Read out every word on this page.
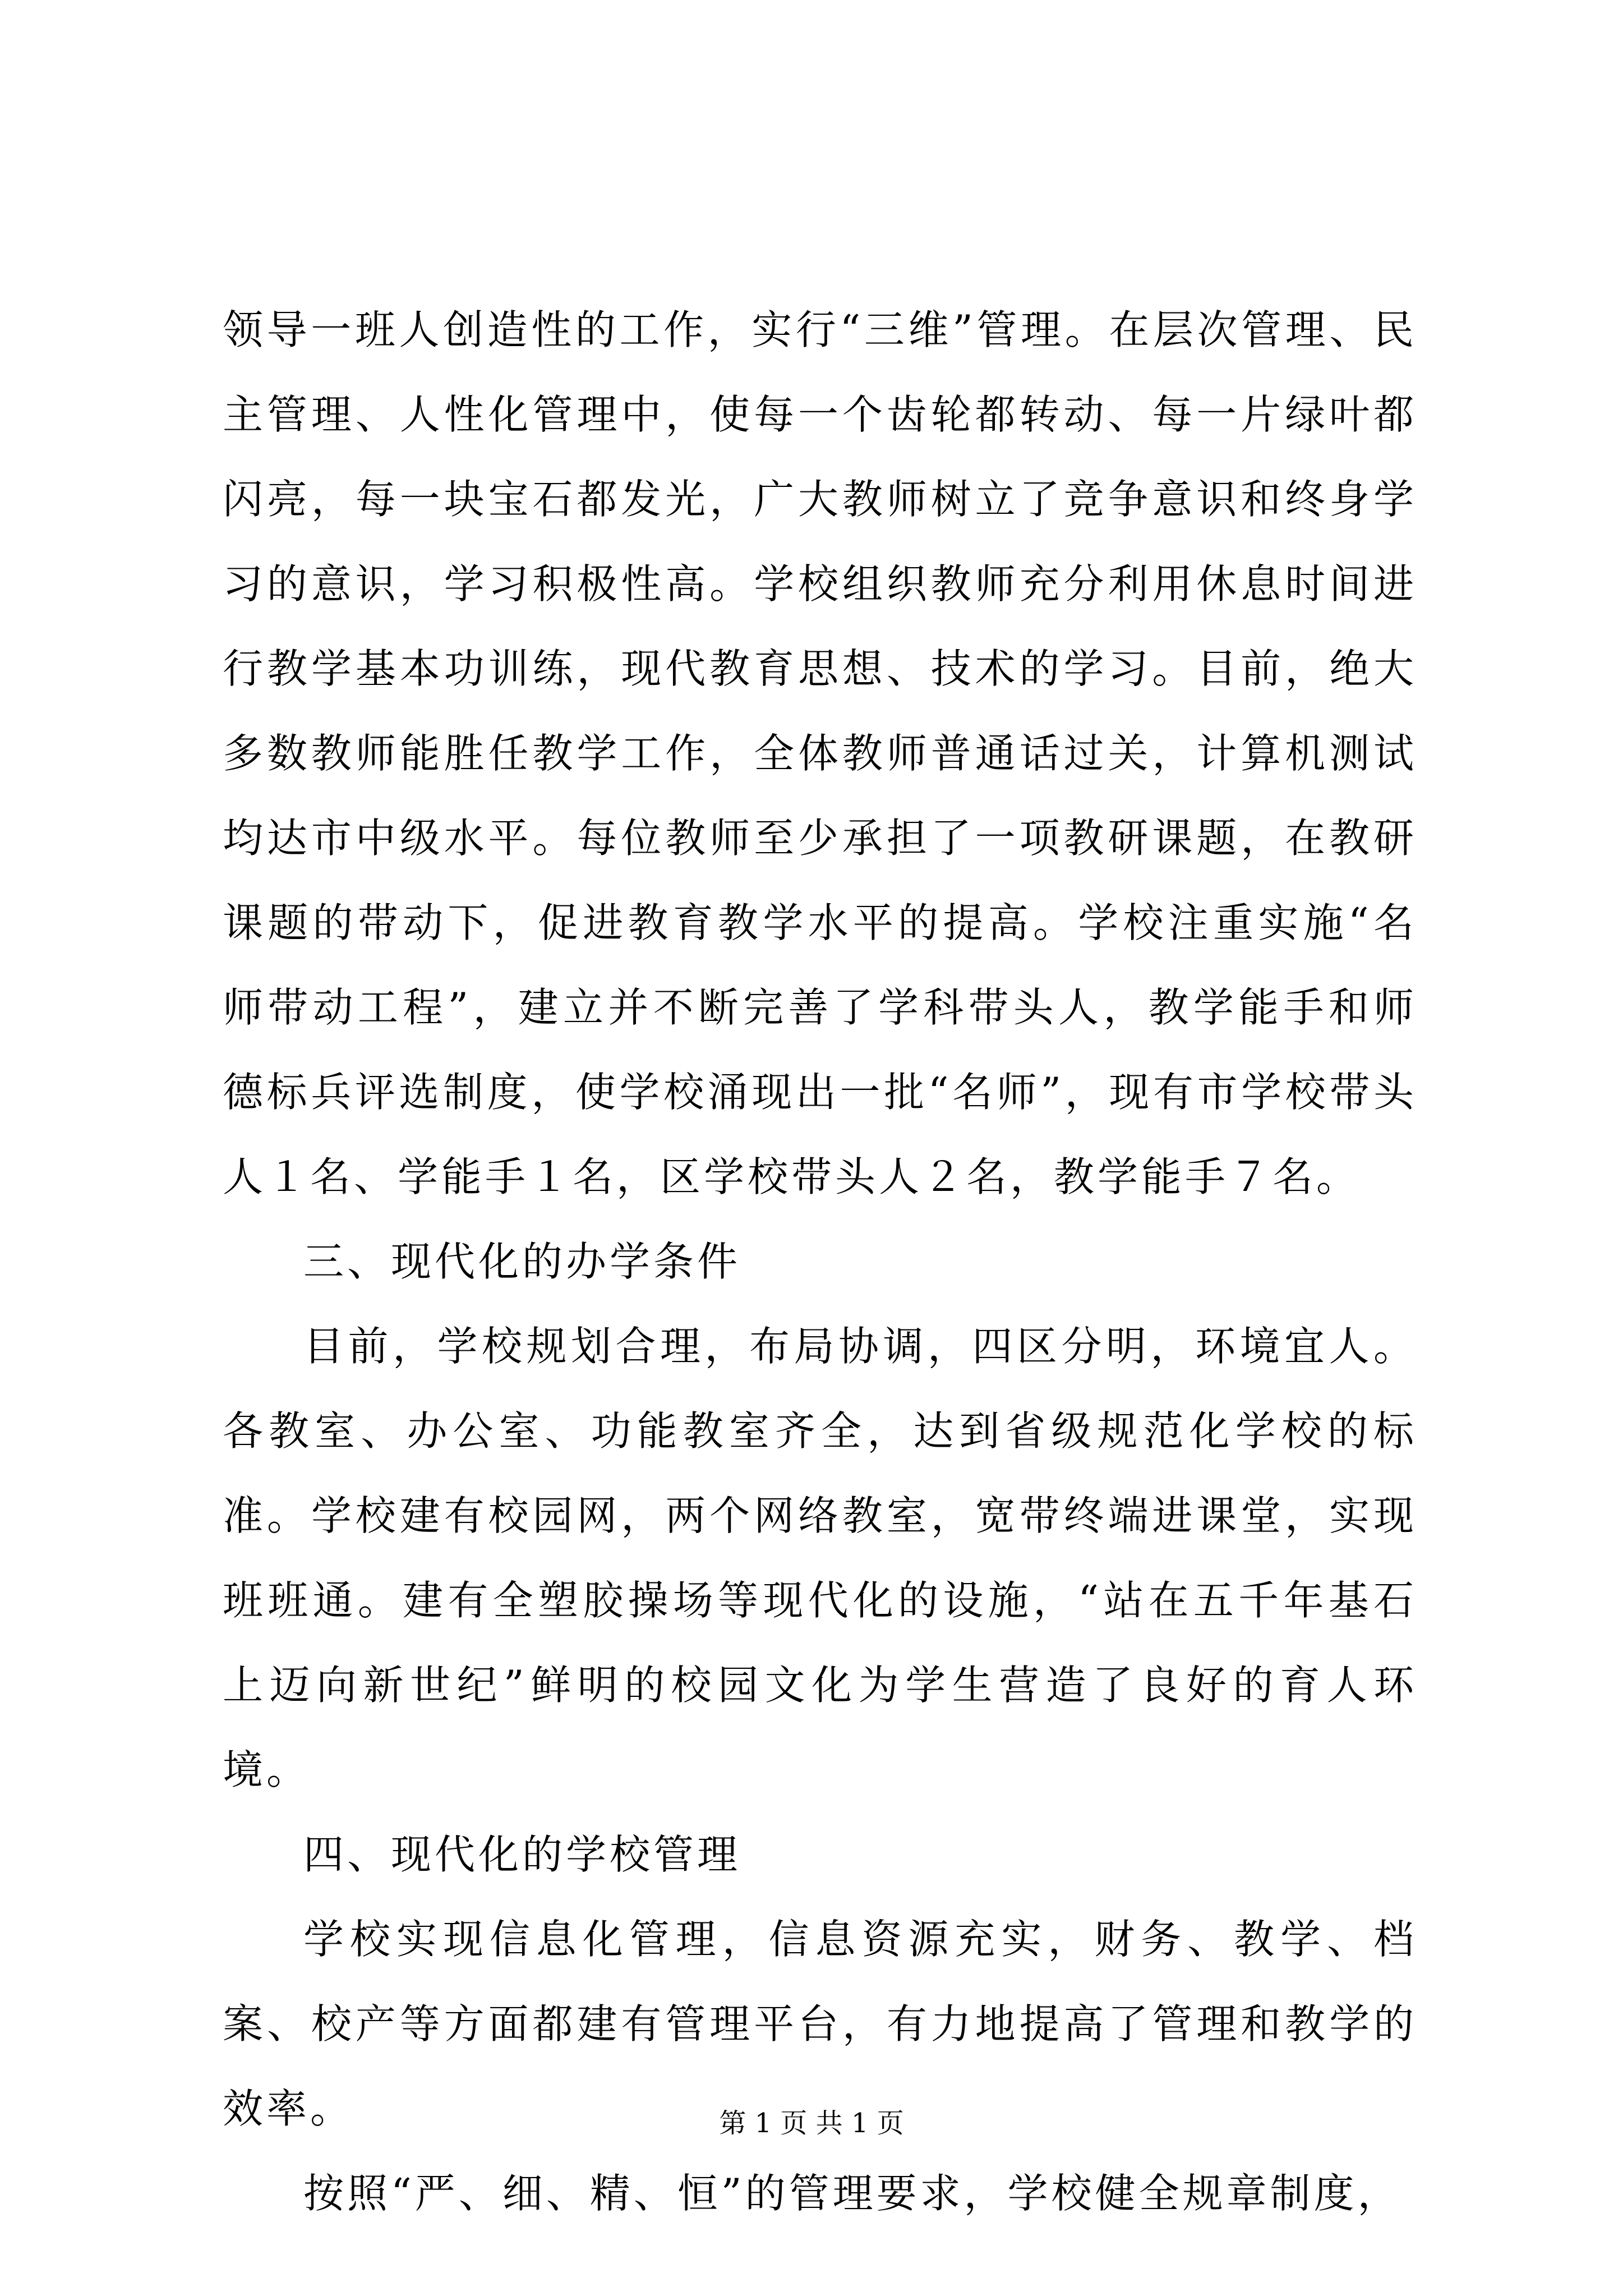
领导一班人创造性的工作，实行“三维”管理。在层次管理、民主管理、人性化管理中，使每一个齿轮都转动、每一片绿叶都闪亮，每一块宝石都发光，广大教师树立了竞争意识和终身学习的意识，学习积极性高。学校组织教师充分利用休息时间进行教学基本功训练，现代教育思想、技术的学习。目前，绝大多数教师能胜任教学工作，全体教师普通话过关，计算机测试均达市中级水平。每位教师至少承担了一项教研课题，在教研课题的带动下，促进教育教学水平的提高。学校注重实施“名师带动工程”，建立并不断完善了学科带头人，教学能手和师德标兵评选制度，使学校涌现出一批“名师”，现有市学校带头人１名、学能手１名，区学校带头人２名，教学能手７名。

三、现代化的办学条件

目前，学校规划合理，布局协调，四区分明，环境宜人。各教室、办公室、功能教室齐全，达到省级规范化学校的标准。学校建有校园网，两个网络教室，宽带终端进课堂，实现班班通。建有全塑胶操场等现代化的设施，“站在五千年基石上迈向新世纪”鲜明的校园文化为学生营造了良好的育人环境。

四、现代化的学校管理

学校实现信息化管理，信息资源充实，财务、教学、档案、校产等方面都建有管理平台，有力地提高了管理和教学的效率。

按照“严、细、精、恒”的管理要求，学校健全规章制度，

第 1 页 共 1 页
